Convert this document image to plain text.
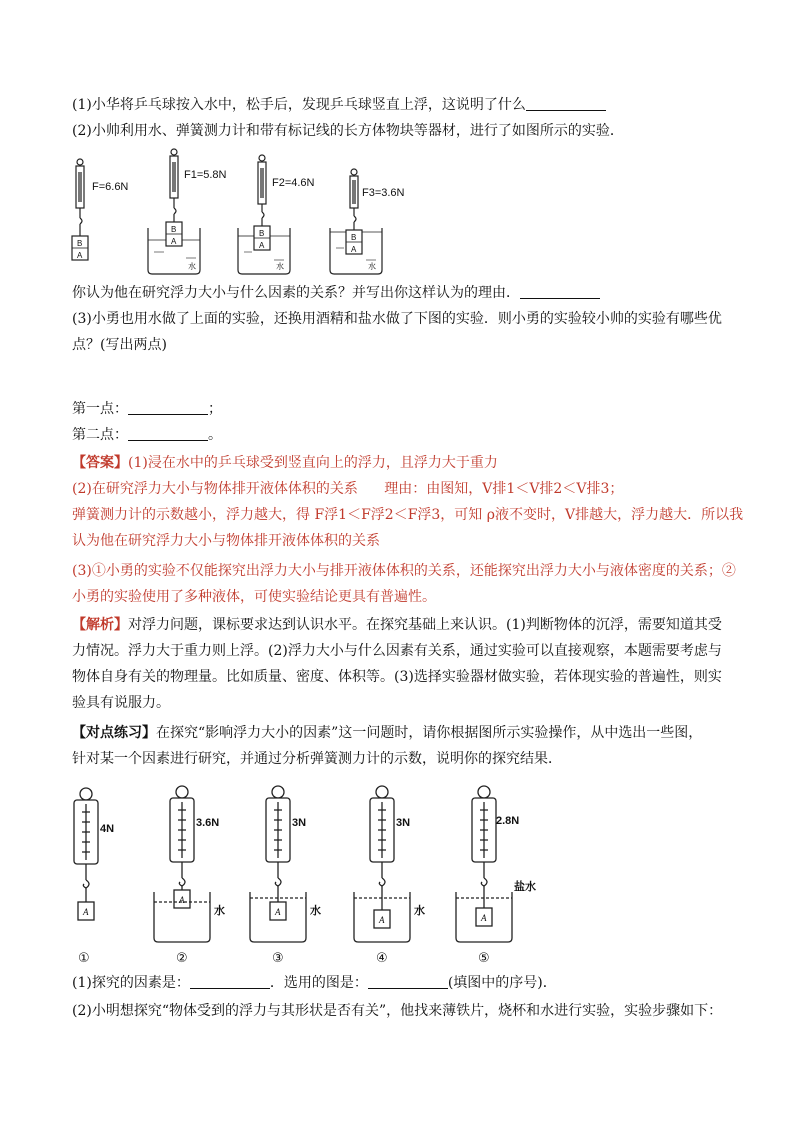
(1)小华将乒乓球按入水中，松手后，发现乒乓球竖直上浮，这说明了什么
(2)小帅利用水、弹簧测力计和带有标记线的长方体物块等器材，进行了如图所示的实验．
F=6.6N
F1=5.8N
F2=4.6N
F3=3.6N
B
A
B
A
B
A
B
A
水	水	水
你认为他在研究浮力大小与什么因素的关系？并写出你这样认为的理由．
(3)小勇也用水做了上面的实验，还换用酒精和盐水做了下图的实验．则小勇的实验较小帅的实验有哪些优
点？(写出两点)
第一点：	；
第二点：	。
【答案】(1)浸在水中的乒乓球受到竖直向上的浮力，且浮力大于重力
(2)在研究浮力大小与物体排开液体体积的关系 理由：由图知，V排1＜V排2＜V排3；
弹簧测力计的示数越小，浮力越大，得 F浮1＜F浮2＜F浮3，可知 ρ液不变时，V排越大，浮力越大．所以我
认为他在研究浮力大小与物体排开液体体积的关系
(3)①小勇的实验不仅能探究出浮力大小与排开液体体积的关系，还能探究出浮力大小与液体密度的关系；②
小勇的实验使用了多种液体，可使实验结论更具有普遍性。
【解析】对浮力问题，课标要求达到认识水平。在探究基础上来认识。(1)判断物体的沉浮，需要知道其受
力情况。浮力大于重力则上浮。(2)浮力大小与什么因素有关系，通过实验可以直接观察，本题需要考虑与
物体自身有关的物理量。比如质量、密度、体积等。(3)选择实验器材做实验，若体现实验的普遍性，则实
验具有说服力。
【对点练习】在探究“影响浮力大小的因素”这一问题时，请你根据图所示实验操作，从中选出一些图，
针对某一个因素进行研究，并通过分析弹簧测力计的示数，说明你的探究结果．
4N	3.6N	3N	3N	2.8N
水	水	水
盐水
A
A
A
A	A
①	②	③	④	⑤
(1)探究的因素是：	．选用的图是：	(填图中的序号)．
(2)小明想探究“物体受到的浮力与其形状是否有关”，他找来薄铁片，烧杯和水进行实验，实验步骤如下：
